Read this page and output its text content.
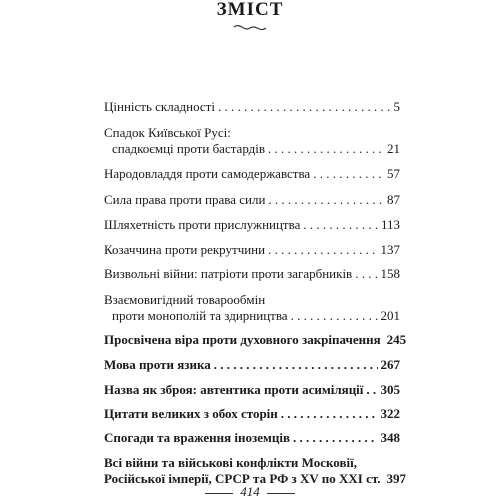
ЗМІСТ
Цінність складності . . .	5
Спадок Київської Русі:
спадкоємці проти бастардів . . .	21
Народовладдя проти самодержавства . . .	57
Сила права проти права сили . . .	87
Шляхетність проти прислужництва . . .	113
Козаччина проти рекрутчини . . .	137
Визвольні війни: патріоти проти загарбників . . . 158
Взаємовигідний товарообмін
проти монополій та здирництва . . .	201
Просвічена віра проти духовного закріпачення 245
Мова проти язика . . .	267
Назва як зброя: автентика проти асиміляції . . . 305
Цитати великих з обох сторін . . .	322
Спогади та враження іноземців . . .	348
Всі війни та військові конфлікти Московії,
Російської імперії, СРСР та РФ з XV по XXI ст. 397
414
